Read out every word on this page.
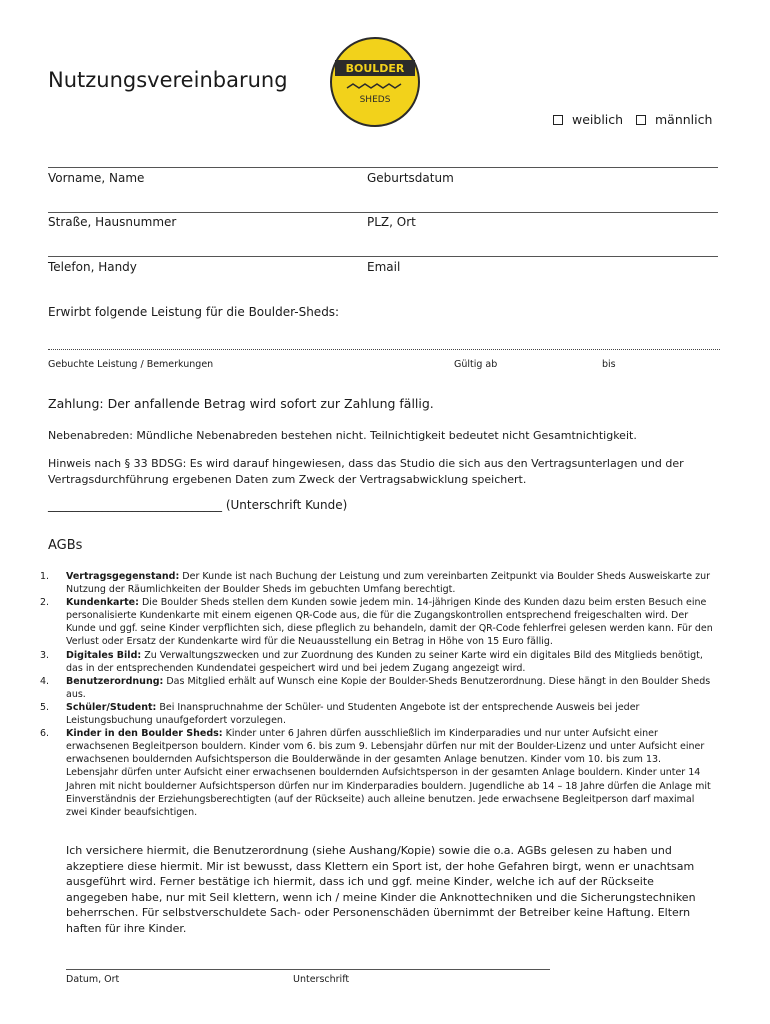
Nutzungsvereinbarung	BOULDER
SHEDS
weiblich	männlich
Vorname, Name	Geburtsdatum
Straße, Hausnummer	PLZ, Ort
Telefon, Handy	Email
Erwirbt folgende Leistung für die Boulder-Sheds:
Gebuchte Leistung / Bemerkungen	Gültig ab	bis
Zahlung: Der anfallende Betrag wird sofort zur Zahlung fällig.
Nebenabreden: Mündliche Nebenabreden bestehen nicht. Teilnichtigkeit bedeutet nicht Gesamtnichtigkeit.
Hinweis nach § 33 BDSG: Es wird darauf hingewiesen, dass das Studio die sich aus den Vertragsunterlagen und der Vertragsdurchführung ergebenen Daten zum Zweck der Vertragsabwicklung speichert.
_____________________________ (Unterschrift Kunde)
AGBs
1.	Vertragsgegenstand: Der Kunde ist nach Buchung der Leistung und zum vereinbarten Zeitpunkt via Boulder Sheds Ausweiskarte zur Nutzung der Räumlichkeiten der Boulder Sheds im gebuchten Umfang berechtigt.
2.	Kundenkarte: Die Boulder Sheds stellen dem Kunden sowie jedem min. 14-jährigen Kinde des Kunden dazu beim ersten Besuch eine personalisierte Kundenkarte mit einem eigenen QR-Code aus, die für die Zugangskontrollen entsprechend freigeschalten wird. Der Kunde und ggf. seine Kinder verpflichten sich, diese pfleglich zu behandeln, damit der QR-Code fehlerfrei gelesen werden kann. Für den Verlust oder Ersatz der Kundenkarte wird für die Neuausstellung ein Betrag in Höhe von 15 Euro fällig.
3.	Digitales Bild: Zu Verwaltungszwecken und zur Zuordnung des Kunden zu seiner Karte wird ein digitales Bild des Mitglieds benötigt, das in der entsprechenden Kundendatei gespeichert wird und bei jedem Zugang angezeigt wird.
4.	Benutzerordnung: Das Mitglied erhält auf Wunsch eine Kopie der Boulder-Sheds Benutzerordnung. Diese hängt in den Boulder Sheds aus.
5.	Schüler/Student: Bei Inanspruchnahme der Schüler- und Studenten Angebote ist der entsprechende Ausweis bei jeder Leistungsbuchung unaufgefordert vorzulegen.
6.	Kinder in den Boulder Sheds: Kinder unter 6 Jahren dürfen ausschließlich im Kinderparadies und nur unter Aufsicht einer erwachsenen Begleitperson bouldern. Kinder vom 6. bis zum 9. Lebensjahr dürfen nur mit der Boulder-Lizenz und unter Aufsicht einer erwachsenen bouldernden Aufsichtsperson die Boulderwände in der gesamten Anlage benutzen. Kinder vom 10. bis zum 13. Lebensjahr dürfen unter Aufsicht einer erwachsenen bouldernden Aufsichtsperson in der gesamten Anlage bouldern. Kinder unter 14 Jahren mit nicht boulderner Aufsichtsperson dürfen nur im Kinderparadies bouldern. Jugendliche ab 14 – 18 Jahre dürfen die Anlage mit Einverständnis der Erziehungsberechtigten (auf der Rückseite) auch alleine benutzen. Jede erwachsene Begleitperson darf maximal zwei Kinder beaufsichtigen.
Ich versichere hiermit, die Benutzerordnung (siehe Aushang/Kopie) sowie die o.a. AGBs gelesen zu haben und akzeptiere diese hiermit. Mir ist bewusst, dass Klettern ein Sport ist, der hohe Gefahren birgt, wenn er unachtsam ausgeführt wird. Ferner bestätige ich hiermit, dass ich und ggf. meine Kinder, welche ich auf der Rückseite angegeben habe, nur mit Seil klettern, wenn ich / meine Kinder die Anknottechniken und die Sicherungstechniken beherrschen. Für selbstverschuldete Sach- oder Personenschäden übernimmt der Betreiber keine Haftung. Eltern haften für ihre Kinder.
Datum, Ort	Unterschrift
